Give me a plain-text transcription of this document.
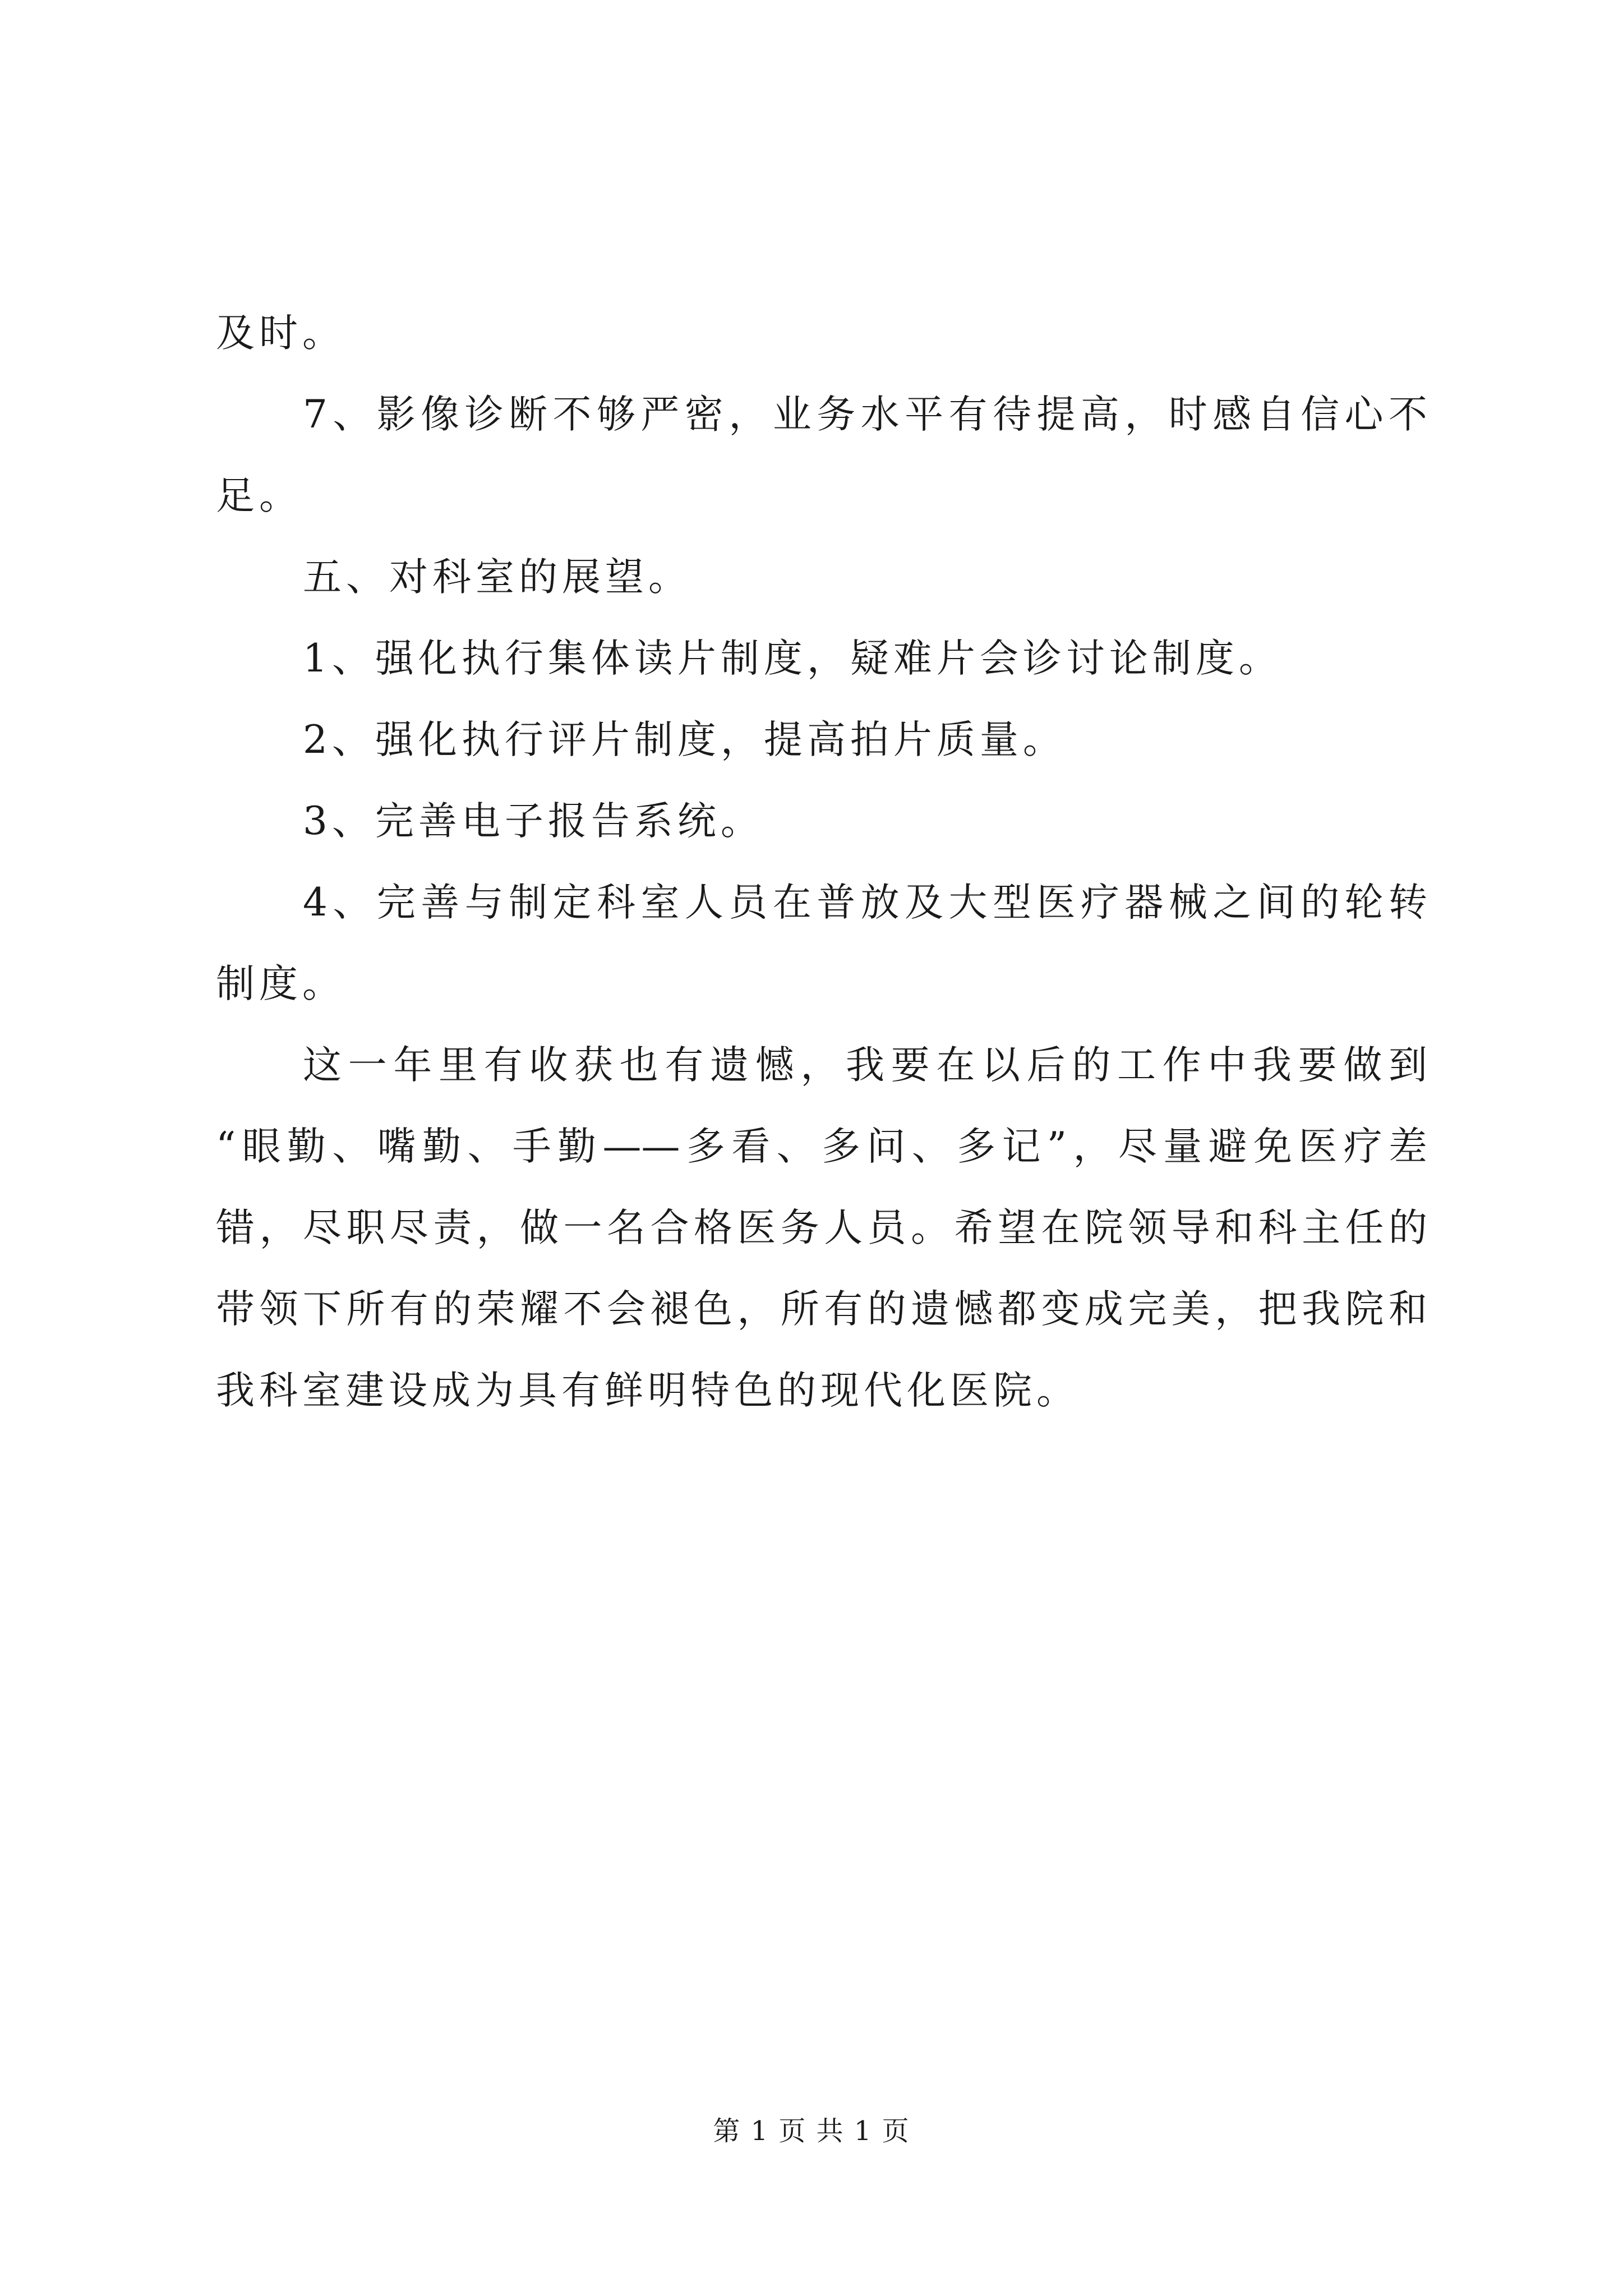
及时。
7、影像诊断不够严密，业务水平有待提高，时感自信心不
足。
五、对科室的展望。
1、强化执行集体读片制度，疑难片会诊讨论制度。
2、强化执行评片制度，提高拍片质量。
3、完善电子报告系统。
4、完善与制定科室人员在普放及大型医疗器械之间的轮转
制度。
这一年里有收获也有遗憾，我要在以后的工作中我要做到
“眼勤、嘴勤、手勤——多看、多问、多记”，尽量避免医疗差
错，尽职尽责，做一名合格医务人员。希望在院领导和科主任的
带领下所有的荣耀不会褪色，所有的遗憾都变成完美，把我院和
我科室建设成为具有鲜明特色的现代化医院。
第 1 页 共 1 页
